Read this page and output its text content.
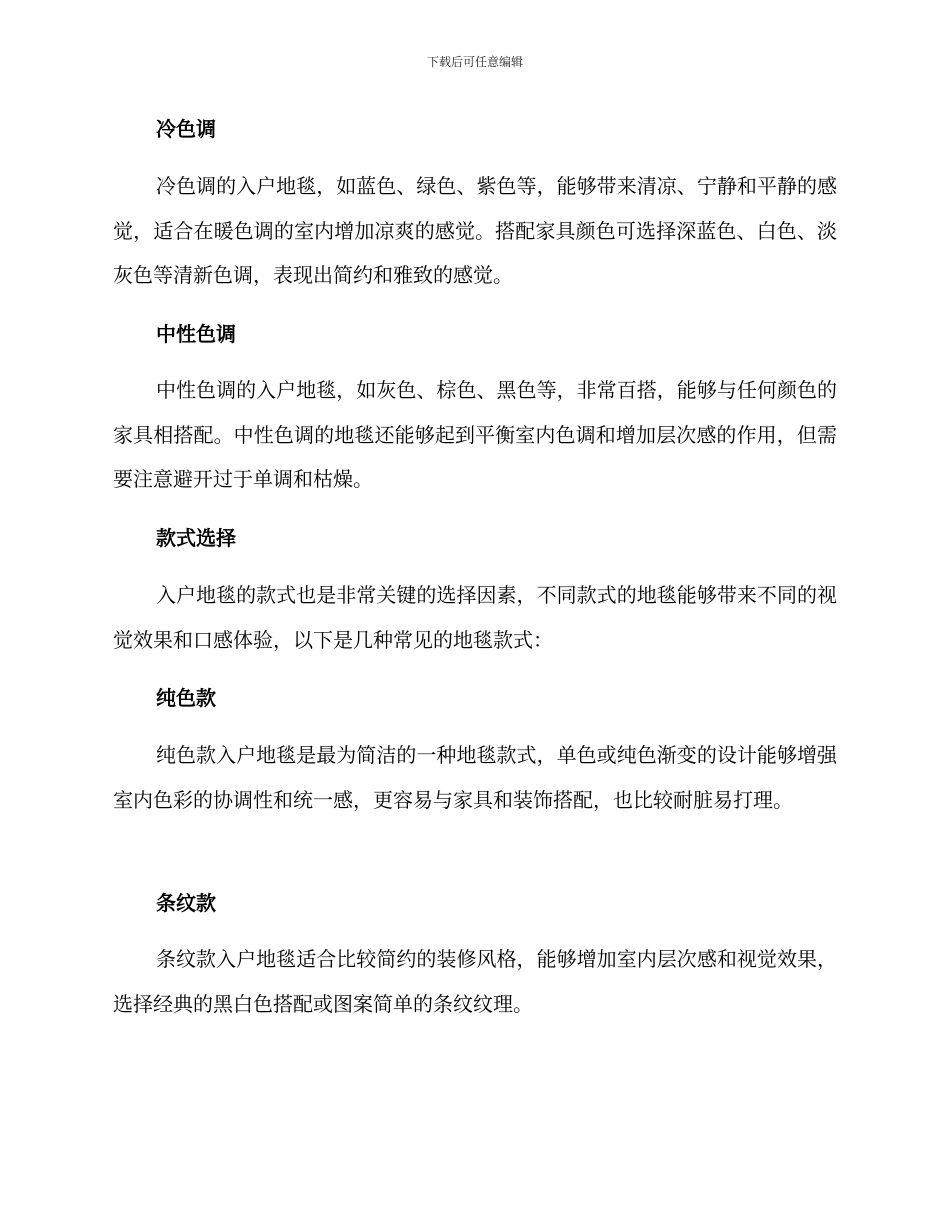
下载后可任意编辑
冷色调
冷色调的入户地毯，如蓝色、绿色、紫色等，能够带来清凉、宁静和平静的感觉，适合在暖色调的室内增加凉爽的感觉。搭配家具颜色可选择深蓝色、白色、淡灰色等清新色调，表现出简约和雅致的感觉。
中性色调
中性色调的入户地毯，如灰色、棕色、黑色等，非常百搭，能够与任何颜色的家具相搭配。中性色调的地毯还能够起到平衡室内色调和增加层次感的作用，但需要注意避开过于单调和枯燥。
款式选择
入户地毯的款式也是非常关键的选择因素，不同款式的地毯能够带来不同的视觉效果和口感体验，以下是几种常见的地毯款式：
纯色款
纯色款入户地毯是最为简洁的一种地毯款式，单色或纯色渐变的设计能够增强室内色彩的协调性和统一感，更容易与家具和装饰搭配，也比较耐脏易打理。
条纹款
条纹款入户地毯适合比较简约的装修风格，能够增加室内层次感和视觉效果，选择经典的黑白色搭配或图案简单的条纹纹理。
